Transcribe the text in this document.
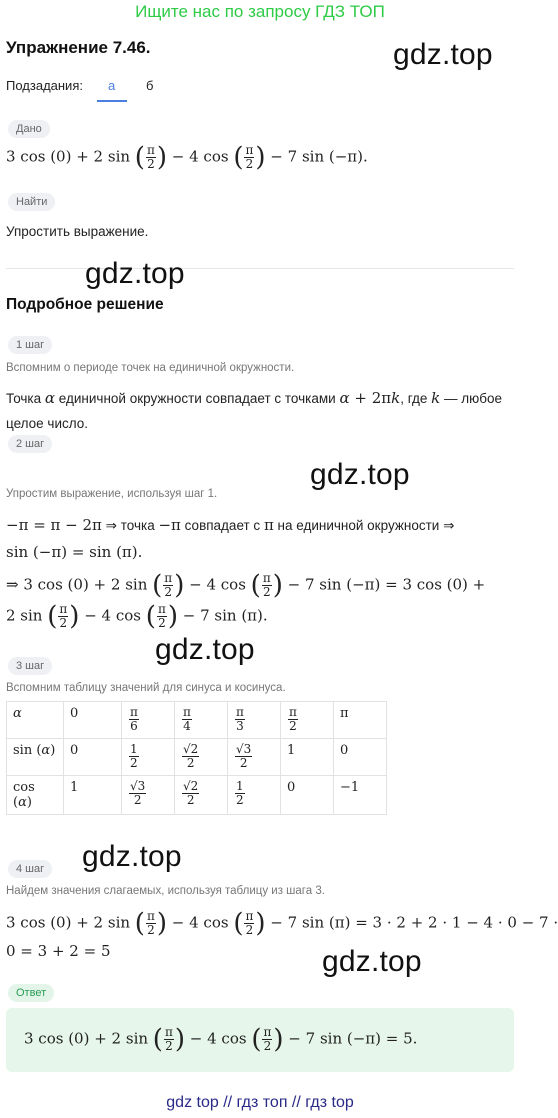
Ищите нас по запросу ГДЗ ТОП
Упражнение 7.46.	gdz.top
Подзадания: а б
Дано
3 cos (0) + 2 sin ( $\frac{\pi}{2}$ ) − 4 cos ( $\frac{\pi}{2}$ ) − 7 sin (−π).
Найти
Упростить выражение.
gdz.top
Подробное решение
1 шаг
Вспомним о периоде точек на единичной окружности.
Точка α единичной окружности совпадает с точками α + 2πk, где k — любое
целое число.
2 шаг
gdz.top
Упростим выражение, используя шаг 1.
−π = π − 2π ⇒ точка −π совпадает с π на единичной окружности ⇒
sin (−π) = sin (π).
⇒ 3 cos (0) + 2 sin ( $\frac{\pi}{2}$ ) − 4 cos ( $\frac{\pi}{2}$ ) − 7 sin (−π) = 3 cos (0) +
2 sin ( $\frac{\pi}{2}$ ) − 4 cos ( $\frac{\pi}{2}$ ) − 7 sin (π).
gdz.top
3 шаг
Вспомним таблицу значений для синуса и косинуса.
α	0	$\frac{\pi}{6}$	$\frac{\pi}{4}$	$\frac{\pi}{3}$	$\frac{\pi}{2}$	π
sin (α)	0	$\frac{1}{2}$	$\frac{√2}{2}$	$\frac{√3}{2}$	1	0
cos (α)	1	$\frac{√3}{2}$	$\frac{√2}{2}$	$\frac{1}{2}$	0	−1
gdz.top
4 шаг
Найдем значения слагаемых, используя таблицу из шага 3.
3 cos (0) + 2 sin ( $\frac{\pi}{2}$ ) − 4 cos ( $\frac{\pi}{2}$ ) − 7 sin (π) = 3 · 2 + 2 · 1 − 4 · 0 − 7 ·
0 = 3 + 2 = 5	gdz.top
Ответ
3 cos (0) + 2 sin ( $\frac{\pi}{2}$ ) − 4 cos ( $\frac{\pi}{2}$ ) − 7 sin (−π) = 5.
gdz top // гдз топ // гдз top
